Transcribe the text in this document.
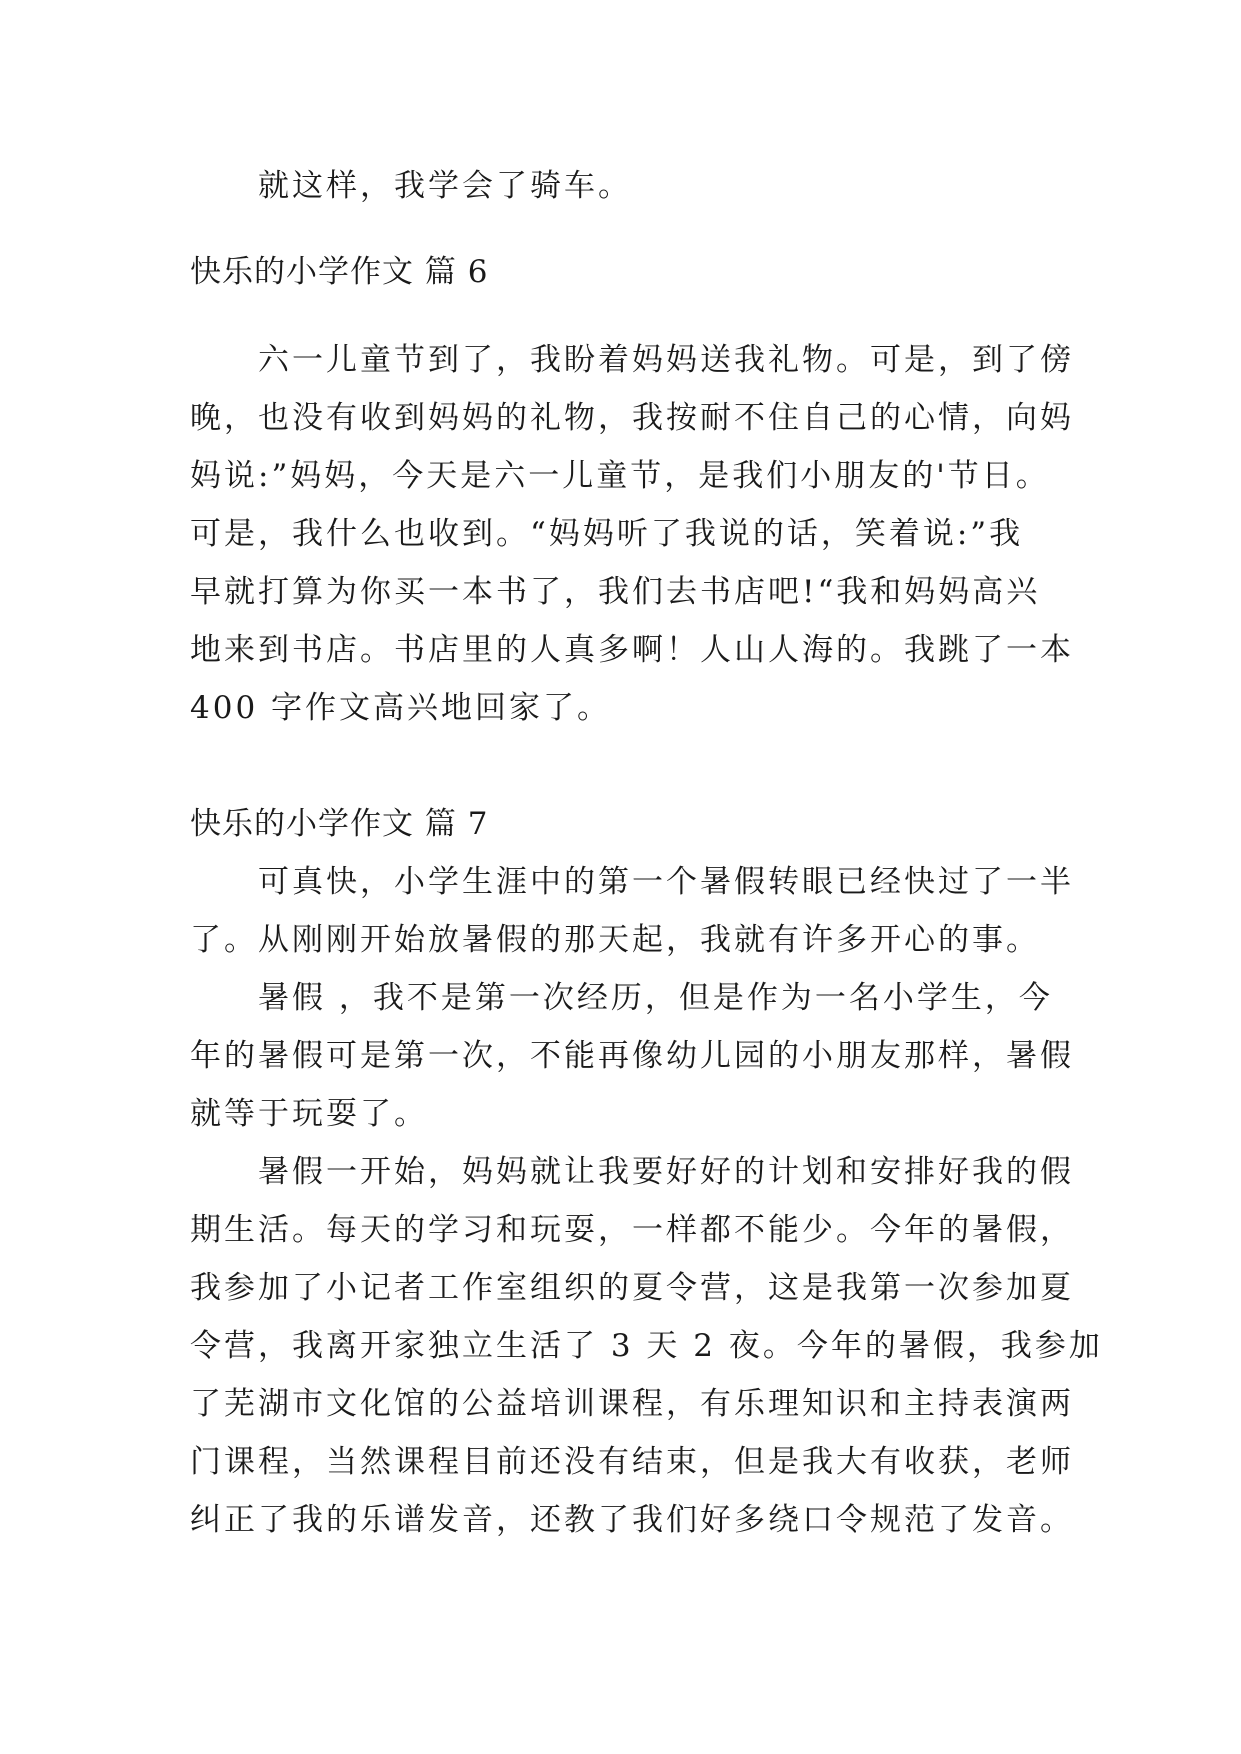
就这样，我学会了骑车。
快乐的小学作文 篇 6
六一儿童节到了，我盼着妈妈送我礼物。可是，到了傍
晚，也没有收到妈妈的礼物，我按耐不住自己的心情，向妈
妈说:”妈妈，今天是六一儿童节，是我们小朋友的'节日。
可是，我什么也收到。“妈妈听了我说的话，笑着说:”我
早就打算为你买一本书了，我们去书店吧!“我和妈妈高兴
地来到书店。书店里的人真多啊！人山人海的。我跳了一本
400 字作文高兴地回家了。
快乐的小学作文 篇 7
可真快，小学生涯中的第一个暑假转眼已经快过了一半
了。从刚刚开始放暑假的那天起，我就有许多开心的事。
暑假 ，我不是第一次经历，但是作为一名小学生，今
年的暑假可是第一次，不能再像幼儿园的小朋友那样，暑假
就等于玩耍了。
暑假一开始，妈妈就让我要好好的计划和安排好我的假
期生活。每天的学习和玩耍，一样都不能少。今年的暑假，
我参加了小记者工作室组织的夏令营，这是我第一次参加夏
令营，我离开家独立生活了 3 天 2 夜。今年的暑假，我参加
了芜湖市文化馆的公益培训课程，有乐理知识和主持表演两
门课程，当然课程目前还没有结束，但是我大有收获，老师
纠正了我的乐谱发音，还教了我们好多绕口令规范了发音。
